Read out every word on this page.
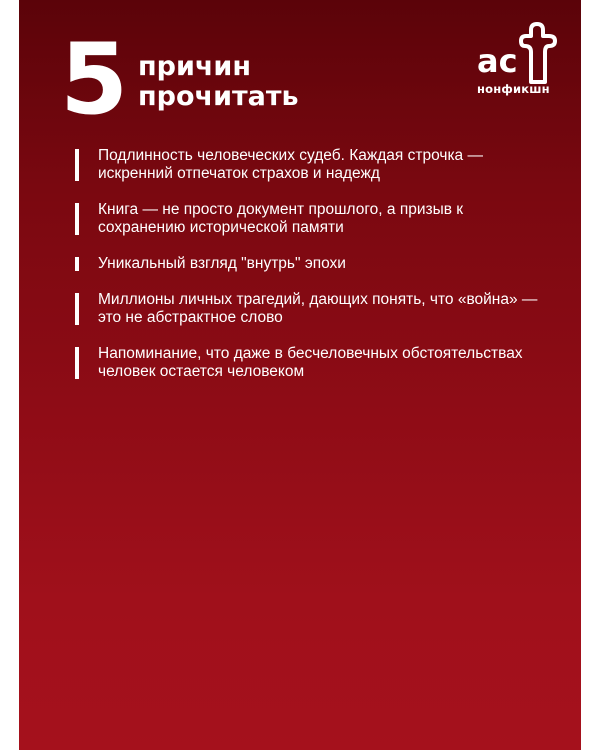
5 причин
прочитать
ас
нонфикшн
Подлинность человеческих судеб. Каждая строчка — искренний отпечаток страхов и надежд
Книга — не просто документ прошлого, а призыв к сохранению исторической памяти
Уникальный взгляд "внутрь" эпохи
Миллионы личных трагедий, дающих понять, что «война» — это не абстрактное слово
Напоминание, что даже в бесчеловечных обстоятельствах человек остается человеком
